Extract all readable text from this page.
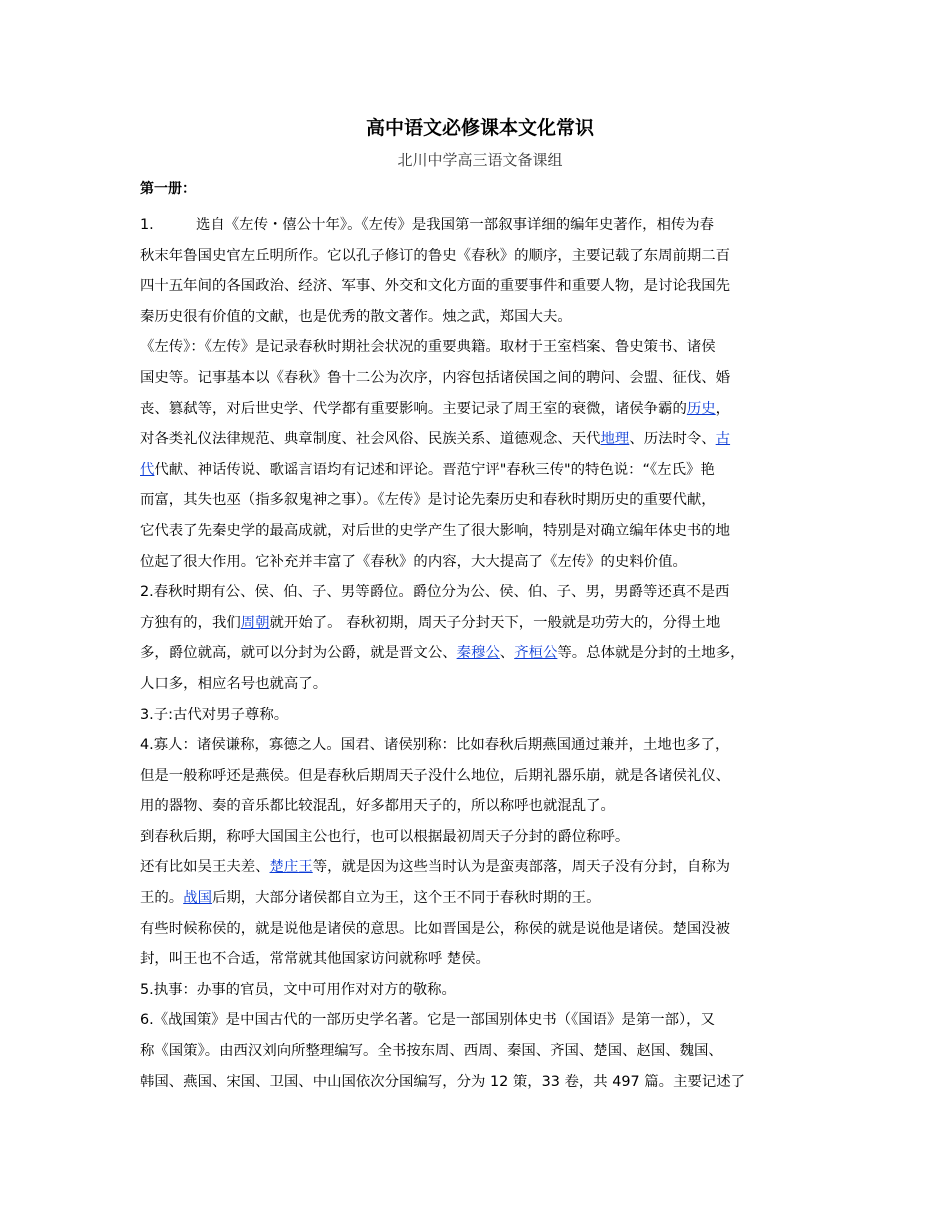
高中语文必修课本文化常识
北川中学高三语文备课组
第一册：
1.	选自《左传・僖公十年》。《左传》是我国第一部叙事详细的编年史著作，相传为春
秋末年鲁国史官左丘明所作。它以孔子修订的鲁史《春秋》的顺序，主要记载了东周前期二百
四十五年间的各国政治、经济、军事、外交和文化方面的重要事件和重要人物，是讨论我国先
秦历史很有价值的文献，也是优秀的散文著作。烛之武，郑国大夫。
《左传》：《左传》是记录春秋时期社会状况的重要典籍。取材于王室档案、鲁史策书、诸侯
国史等。记事基本以《春秋》鲁十二公为次序，内容包括诸侯国之间的聘问、会盟、征伐、婚
丧、篡弑等，对后世史学、代学都有重要影响。主要记录了周王室的衰微，诸侯争霸的历史，
对各类礼仪法律规范、典章制度、社会风俗、民族关系、道德观念、天代地理、历法时令、古
代代献、神话传说、歌谣言语均有记述和评论。晋范宁评"春秋三传"的特色说：“《左氏》艳
而富，其失也巫（指多叙鬼神之事）。《左传》是讨论先秦历史和春秋时期历史的重要代献，
它代表了先秦史学的最高成就，对后世的史学产生了很大影响，特别是对确立编年体史书的地
位起了很大作用。它补充并丰富了《春秋》的内容，大大提高了《左传》的史料价值。
2.春秋时期有公、侯、伯、子、男等爵位。爵位分为公、侯、伯、子、男，男爵等还真不是西
方独有的，我们周朝就开始了。 春秋初期，周天子分封天下，一般就是功劳大的，分得土地
多，爵位就高，就可以分封为公爵，就是晋文公、秦穆公、齐桓公等。总体就是分封的土地多，
人口多，相应名号也就高了。
3.子:古代对男子尊称。
4.寡人：诸侯谦称，寡德之人。国君、诸侯别称：比如春秋后期燕国通过兼并，土地也多了，
但是一般称呼还是燕侯。但是春秋后期周天子没什么地位，后期礼器乐崩，就是各诸侯礼仪、
用的器物、奏的音乐都比较混乱，好多都用天子的，所以称呼也就混乱了。
到春秋后期，称呼大国国主公也行，也可以根据最初周天子分封的爵位称呼。
还有比如吴王夫差、楚庄王等，就是因为这些当时认为是蛮夷部落，周天子没有分封，自称为
王的。战国后期，大部分诸侯都自立为王，这个王不同于春秋时期的王。
有些时候称侯的，就是说他是诸侯的意思。比如晋国是公，称侯的就是说他是诸侯。楚国没被
封，叫王也不合适，常常就其他国家访问就称呼 楚侯。
5.执事：办事的官员，文中可用作对对方的敬称。
6.《战国策》是中国古代的一部历史学名著。它是一部国别体史书（《国语》是第一部），又
称《国策》。由西汉刘向所整理编写。全书按东周、西周、秦国、齐国、楚国、赵国、魏国、
韩国、燕国、宋国、卫国、中山国依次分国编写，分为 12 策，33 卷，共 497 篇。主要记述了
